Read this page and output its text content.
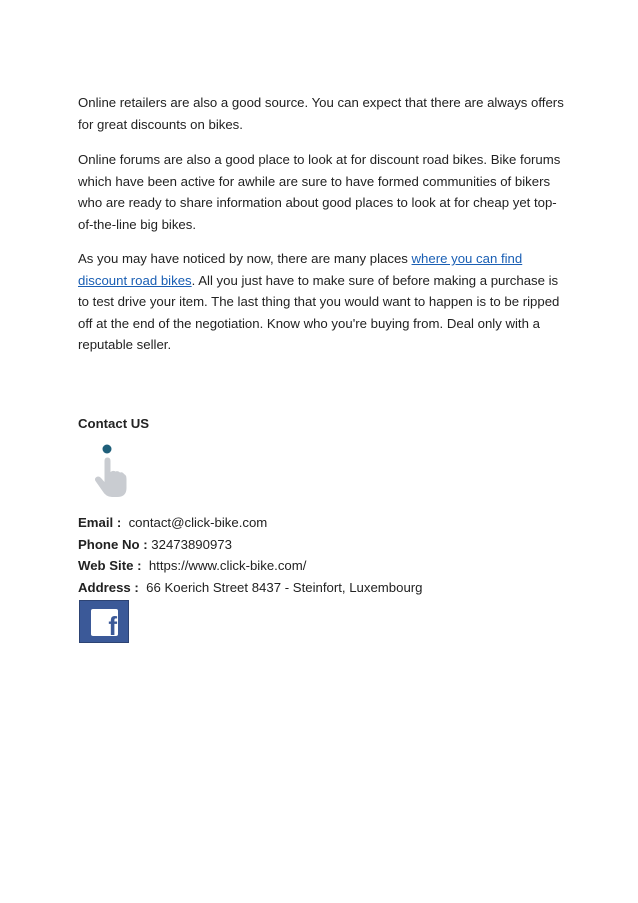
Online retailers are also a good source. You can expect that there are always offers for great discounts on bikes.

Online forums are also a good place to look at for discount road bikes. Bike forums which have been active for awhile are sure to have formed communities of bikers who are ready to share information about good places to look at for cheap yet top-of-the-line big bikes.

As you may have noticed by now, there are many places where you can find discount road bikes. All you just have to make sure of before making a purchase is to test drive your item. The last thing that you would want to happen is to be ripped off at the end of the negotiation. Know who you're buying from. Deal only with a reputable seller.

Contact US

Email : contact@click-bike.com
Phone No : 32473890973
Web Site : https://www.click-bike.com/
Address : 66 Koerich Street 8437 - Steinfort, Luxembourg
f
